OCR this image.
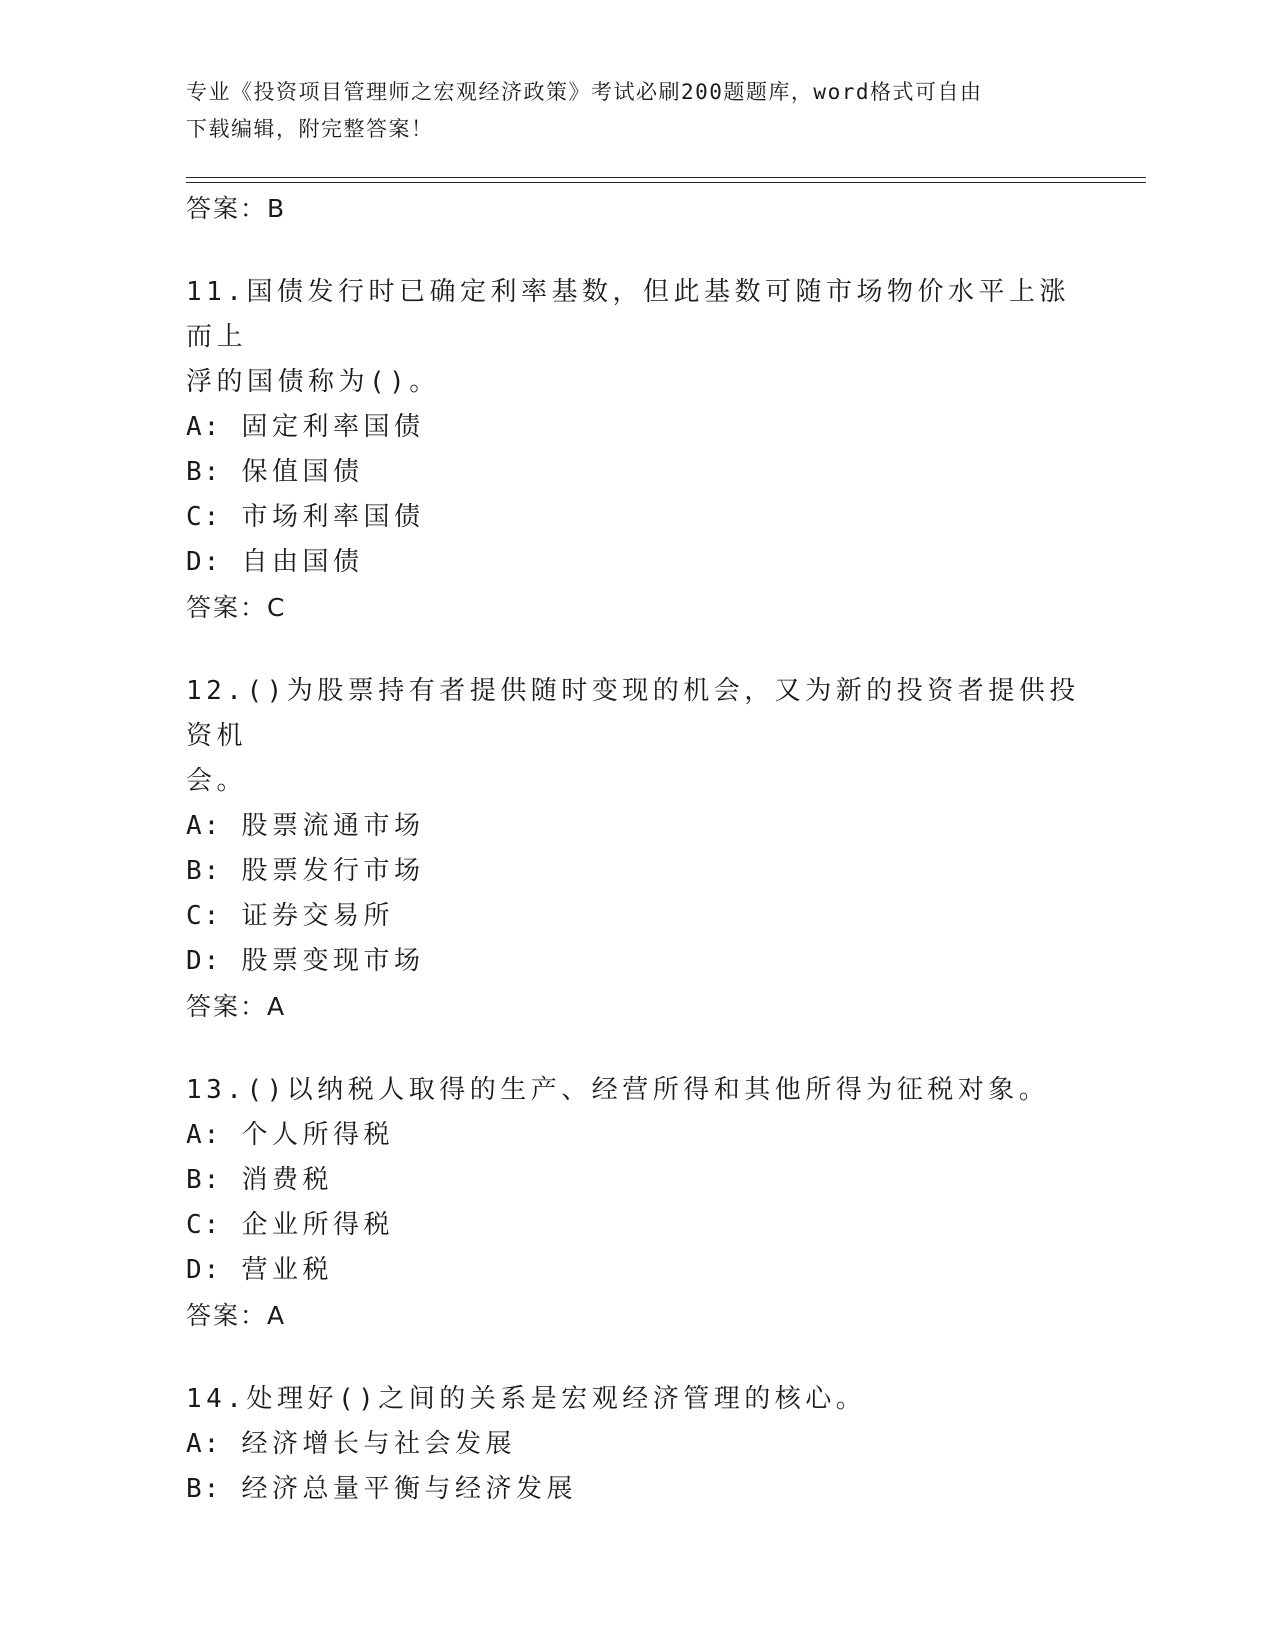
专业《投资项目管理师之宏观经济政策》考试必刷200题题库，word格式可自由
下载编辑，附完整答案！
答案：B
11.国债发行时已确定利率基数，但此基数可随市场物价水平上涨而上
浮的国债称为()。
A: 固定利率国债
B: 保值国债
C: 市场利率国债
D: 自由国债
答案：C
12.()为股票持有者提供随时变现的机会，又为新的投资者提供投资机
会。
A: 股票流通市场
B: 股票发行市场
C: 证券交易所
D: 股票变现市场
答案：A
13.()以纳税人取得的生产、经营所得和其他所得为征税对象。
A: 个人所得税
B: 消费税
C: 企业所得税
D: 营业税
答案：A
14.处理好()之间的关系是宏观经济管理的核心。
A: 经济增长与社会发展
B: 经济总量平衡与经济发展
